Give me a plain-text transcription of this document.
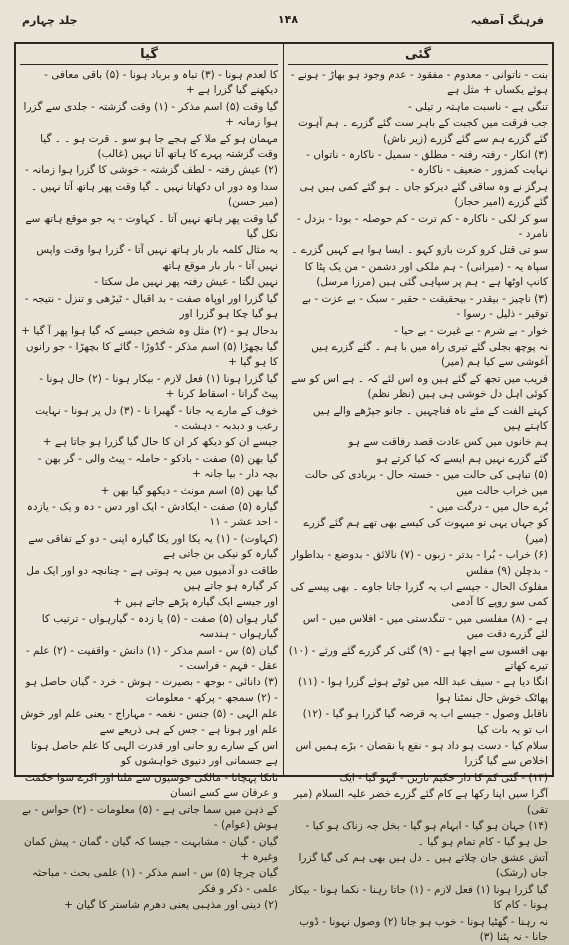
فرہنگ آصفیہ
۱۴۸
جلد چہارم
گئی

بنت - ناتوانی - معدوم - مفقود - عدم وجود ہو بھاڑ - ہونے - ہوئے یکساں + مثل ہے

تنگی ہے - ناسبت ماہتہ ر تیلی -

جب فرقت میں کجبت کے باہر ست گئے گزرے ۔ ہم آہوت گئے گزرے ہم سے گئے گزرے (زیر ناش)

(۳) انکار - رفتہ رفتہ - مطلق - سمیل - ناکارہ - ناتواں - نہایت کمزور - ضعیف - ناکارہ -

ہرگز نے وہ ساقی گئے دیرکو جاں ۔ ہو گئے کمی ہیں ہی گئے گزرے (امیر حجاز)

سو کر لکی - ناکارہ - کم ترت - کم حوصلہ - بودا - بزدل - نامرد -

سو تی قتل کرو کرت بازو کہو ۔ ایسا ہوا ہے کہیں گزرے ۔

سپاہ یہ - (میرانی) - ہم ملکی اور دشمن - من یک پٹا کا کانپ اوٹھا ہے - ہم پر سپاہی گئی ہیں (مرزا مرسل)

(۳) ناچیز - بیقدر - بیحقیقت - حقیر - سبک - بے عزت - بے توقیر - ذلیل - رسوا -

خوار - بے شرم - بے غیرت - بے حیا -

نہ پوچھ بجلی گئے تیری راہ میں با ہم ۔ گئے گزرے ہیں آغوشی سے کیا ہم (میر)

فریب میں تجھ کے گئے ہیں وہ اس لئے کہ ۔ ہے اس کو سے کوئی اہل دل خوشی ہی ہیں (نظر نظم)

کہتے الفت کے مئے ناہ فناچہیں ۔ جانو جپڑھے والے ہیں کاہتے ہیں

ہم خانوں میں کس عادت قصد رفاقت سے ہو

گئے گزرے نہیں ہم ایسے کہ کیا کرتے ہو

(۵) تباہی کی حالت میں - خستہ حال - بربادی کی حالت میں خراب حالت میں

بُرے حال میں - درگت میں -

کو جہاں یہی تو مبہوت کی کیسے بھی تھے ہم گئے گزرے (میر)

(۶) خراب - بُرا - بدتر - زبوں - (۷) نالائق - بدوضع - بداطوار - بدچلن (۹) مفلس

مفلوک الحال - جیسے اب یہ گزرا جاتا جاوے ۔ بھی پیسے کی کمی سو روپے کا آدمی

ہے - (۸) مفلسی میں - تنگدستی میں - افلاس میں - اس لئے گزرے دقت میں

بھی افسوں سے اچھا ہے - (۹) گئی کر گزرے گئے ورثے - (۱۰) تیرے کھاتے

انگا دیا ہے - سیف عبد اللہ میں ٹوٹے ہوئے گزرا ہوا - (۱۱) پھاٹک خوش حال نمٹنا ہوا

ناقابل وصول - جیسے اب یہ قرضہ گیا گزرا ہو گیا - (۱۲) اب تو یہ بات کیا

سلام کیا - دست ہو داد ہو - نفع یا نقصان - بڑے ہمیں اس اخلاص سے گیا گزرا

(۱۳) - گئی کم کا دار حکیم ناریں - گہو گیا - ایک

آگرا سیں اپنا رکھا ہے کام گئے گزرے خضر علیہ السلام (میر تقی)

(۱۴) جہان ہو گیا - ابہام ہو گیا - بخل جہ زناک ہو کیا - حل ہو گیا - کام تمام ہو گیا ۔

آتش عشق جان چلاتے ہیں ۔ دل ہیں بھی ہم کی گیا گزرا جاں (رشک)

گیا گزرا ہونا (۱) فعل لازم - (۱) جاتا رہنا - نکما ہونا - بیکار ہونا - کام کا

نہ رہنا - گھٹیا ہونا - خوب ہو جانا (۲) وصول نہونا - ڈوب جانا - نہ پٹنا (۳)

گیا

کا لعدم ہونا - (۳) تباہ و برباد ہونا - (۵) باقی معافی - دیکھنے گیا گزرا ہے +

گیا وقت (۵) اسم مذکر - (۱) وقت گزشتہ - جلدی سے گزرا ہوا زمانہ +

مہمان ہو کے ملا کے ہجے جا ہو سو ۔ قرت ہو ۔ ۔ گیا وقت گزشتہ پہرے کا ہاتھ آتا نہیں (غالب)

(۲) عیش رفتہ - لطف گزشتہ - خوشی کا گزرا ہوا زمانہ -

سدا وہ دور اں دکھاتا نہیں ۔ گیا وقت پھر ہاتھ آتا نہیں ۔ (میر حسن)

گیا وقت پھر ہاتھ نہیں آتا ۔ کہاوت - یہ جو موقع ہاتھ سے نکل گیا

یہ مثال کلمہ بار بار ہاتھ نہیں آتا - گزرا ہوا وقت واپس نہیں آتا - بار بار موقع ہاتھ

نہیں لگتا - عیش رفتہ پھر نہیں مل سکتا -

گیا گزرا اور اوپاہ صفت - بد اقبال - ٹیڑھی و تنزل - نتیجہ - ہو گیا چکا ہو گزرا اور

بدحال ہو - (۲) مثل وہ شخص جیسے کہ گیا ہوا پھر آ گیا +

گیا بچھڑا (۵) اسم مذکر - گڈوڑا - گائے کا بچھڑا - جو رانوں کا ہو گیا +

گیا گزرا ہونا (۱) فعل لازم - بیکار ہونا - (۲) حال ہونا - پیٹ گرانا - اسقاط کرنا +

خوف کے مارے یہ جانا - گھبرا نا - (۳) دل پر ہونا - نہایت رعب و دبدبہ - دہشت -

جیسے ان کو دیکھ کر ان کا حال گیا گزرا ہو جاتا ہے +

گیا بھن (۵) صفت - بادکو - حاملہ - پیٹ والی - گر بھن - بچہ دار - بیا جانہ +

گیا بھن (۵) اسم مونث - دیکھو گیا بھن +

گیارہ (۵) صفت - ایکادش - ایک اور دس - دہ و یک - یازدہ - احد عشر - ۱۱

(کہاوت) - (۱) یہ یکا اور یکا گیارہ اپنی - دو کے تفاقی سے گیارہ کو نیکی بن جاتی ہے

طاقت دو آدمیوں میں یہ ہوتی ہے - چنانچہ دو اور ایک مل کر گیارہ ہو جاتے ہیں

اور جیسے ایک گیارہ پڑھے جاتے ہیں +

گیار ہواں (۵) صفت - (۵) یا زدہ - گیارہواں - ترتیب کا گیارہواں - ہندسہ

گیان (۵) س - اسم مذکر - (۱) دانش - واقفیت - (۲) علم - عقل - فہم - فراست -

(۳) دانائی - بوجھ - بصیرت - ہوش - خرد - گیان حاصل ہو - (۲) سمجھ - پرکھ - معلومات

علم الہی - (۵) جنس - نغمہ - مہاراج - یعنی علم اور خوش علم اور ہونا ہے - جس کے ہی ذریعے سے

اس کے سارے رو حانی اور قدرت الہی کا علم حاصل ہوتا ہے جسمانی اور دنیوی خواہشوں کو

ٹانکا پہچانا - مالکی خوشیوں سے ملتا اور اکرے سوا حکمت و عرفان سے کسے انسان

کے ذہن میں سما جاتی ہے - (۵) معلومات - (۲) حواس - بے ہوش (عوام) -

گیان - گیان - مشابہت - جیسا کہ گیان - گمان - پیش کمان وغیرہ +

گیان چرچا (۵) س - اسم مذکر - (۱) علمی بحث - مباحثہ علمی - ذکر و فکر

(۲) دینی اور مذہبی یعنی دھرم شاستر کا گیان +
